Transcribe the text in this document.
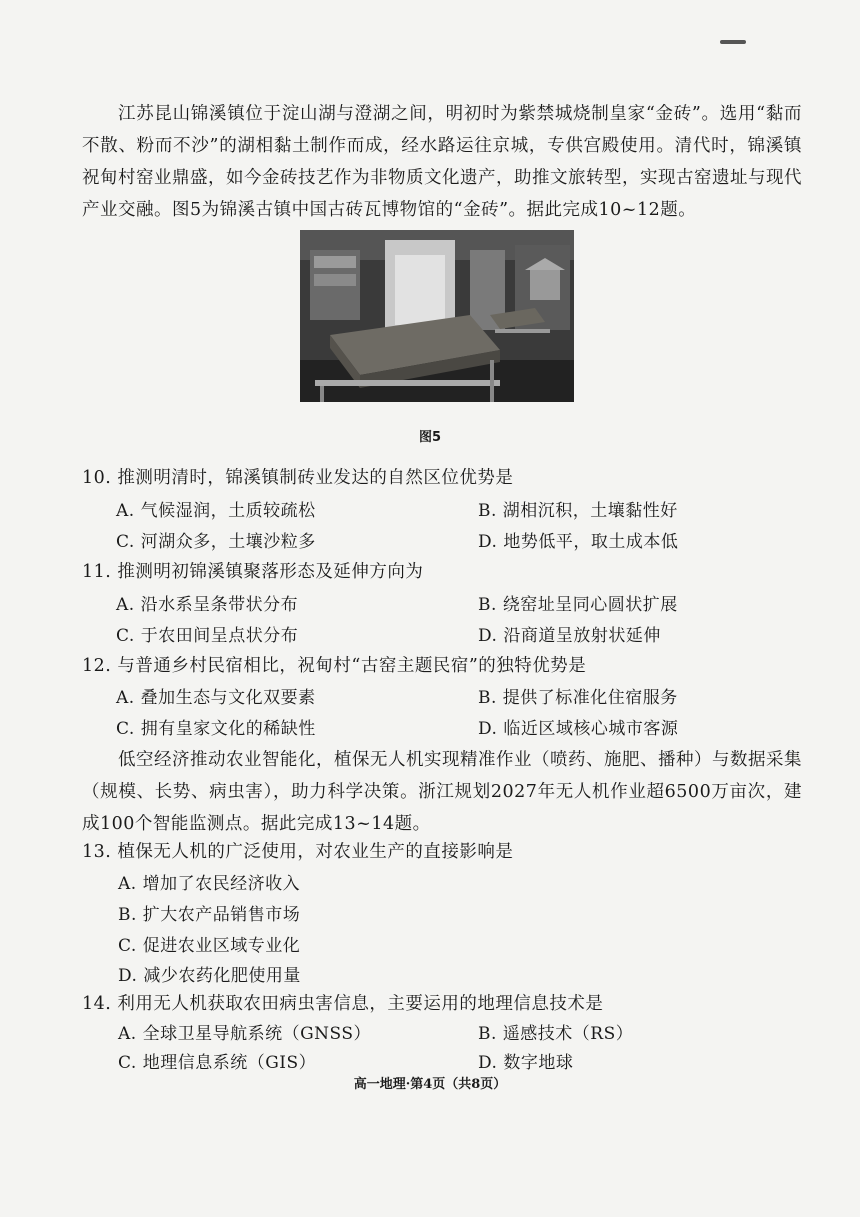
江苏昆山锦溪镇位于淀山湖与澄湖之间，明初时为紫禁城烧制皇家“金砖”。选用“黏而不散、粉而不沙”的湖相黏土制作而成，经水路运往京城，专供宫殿使用。清代时，锦溪镇祝甸村窑业鼎盛，如今金砖技艺作为非物质文化遗产，助推文旅转型，实现古窑遗址与现代产业交融。图5为锦溪古镇中国古砖瓦博物馆的“金砖”。据此完成10~12题。
图5
10. 推测明清时，锦溪镇制砖业发达的自然区位优势是
A. 气候湿润，土质较疏松	B. 湖相沉积，土壤黏性好
C. 河湖众多，土壤沙粒多	D. 地势低平，取土成本低
11. 推测明初锦溪镇聚落形态及延伸方向为
A. 沿水系呈条带状分布	B. 绕窑址呈同心圆状扩展
C. 于农田间呈点状分布	D. 沿商道呈放射状延伸
12. 与普通乡村民宿相比，祝甸村“古窑主题民宿”的独特优势是
A. 叠加生态与文化双要素	B. 提供了标准化住宿服务
C. 拥有皇家文化的稀缺性	D. 临近区域核心城市客源
低空经济推动农业智能化，植保无人机实现精准作业（喷药、施肥、播种）与数据采集（规模、长势、病虫害），助力科学决策。浙江规划2027年无人机作业超6500万亩次，建成100个智能监测点。据此完成13~14题。
13. 植保无人机的广泛使用，对农业生产的直接影响是
A. 增加了农民经济收入
B. 扩大农产品销售市场
C. 促进农业区域专业化
D. 减少农药化肥使用量
14. 利用无人机获取农田病虫害信息，主要运用的地理信息技术是
A. 全球卫星导航系统（GNSS）	B. 遥感技术（RS）
C. 地理信息系统（GIS）	D. 数字地球
高一地理·第4页（共8页）
